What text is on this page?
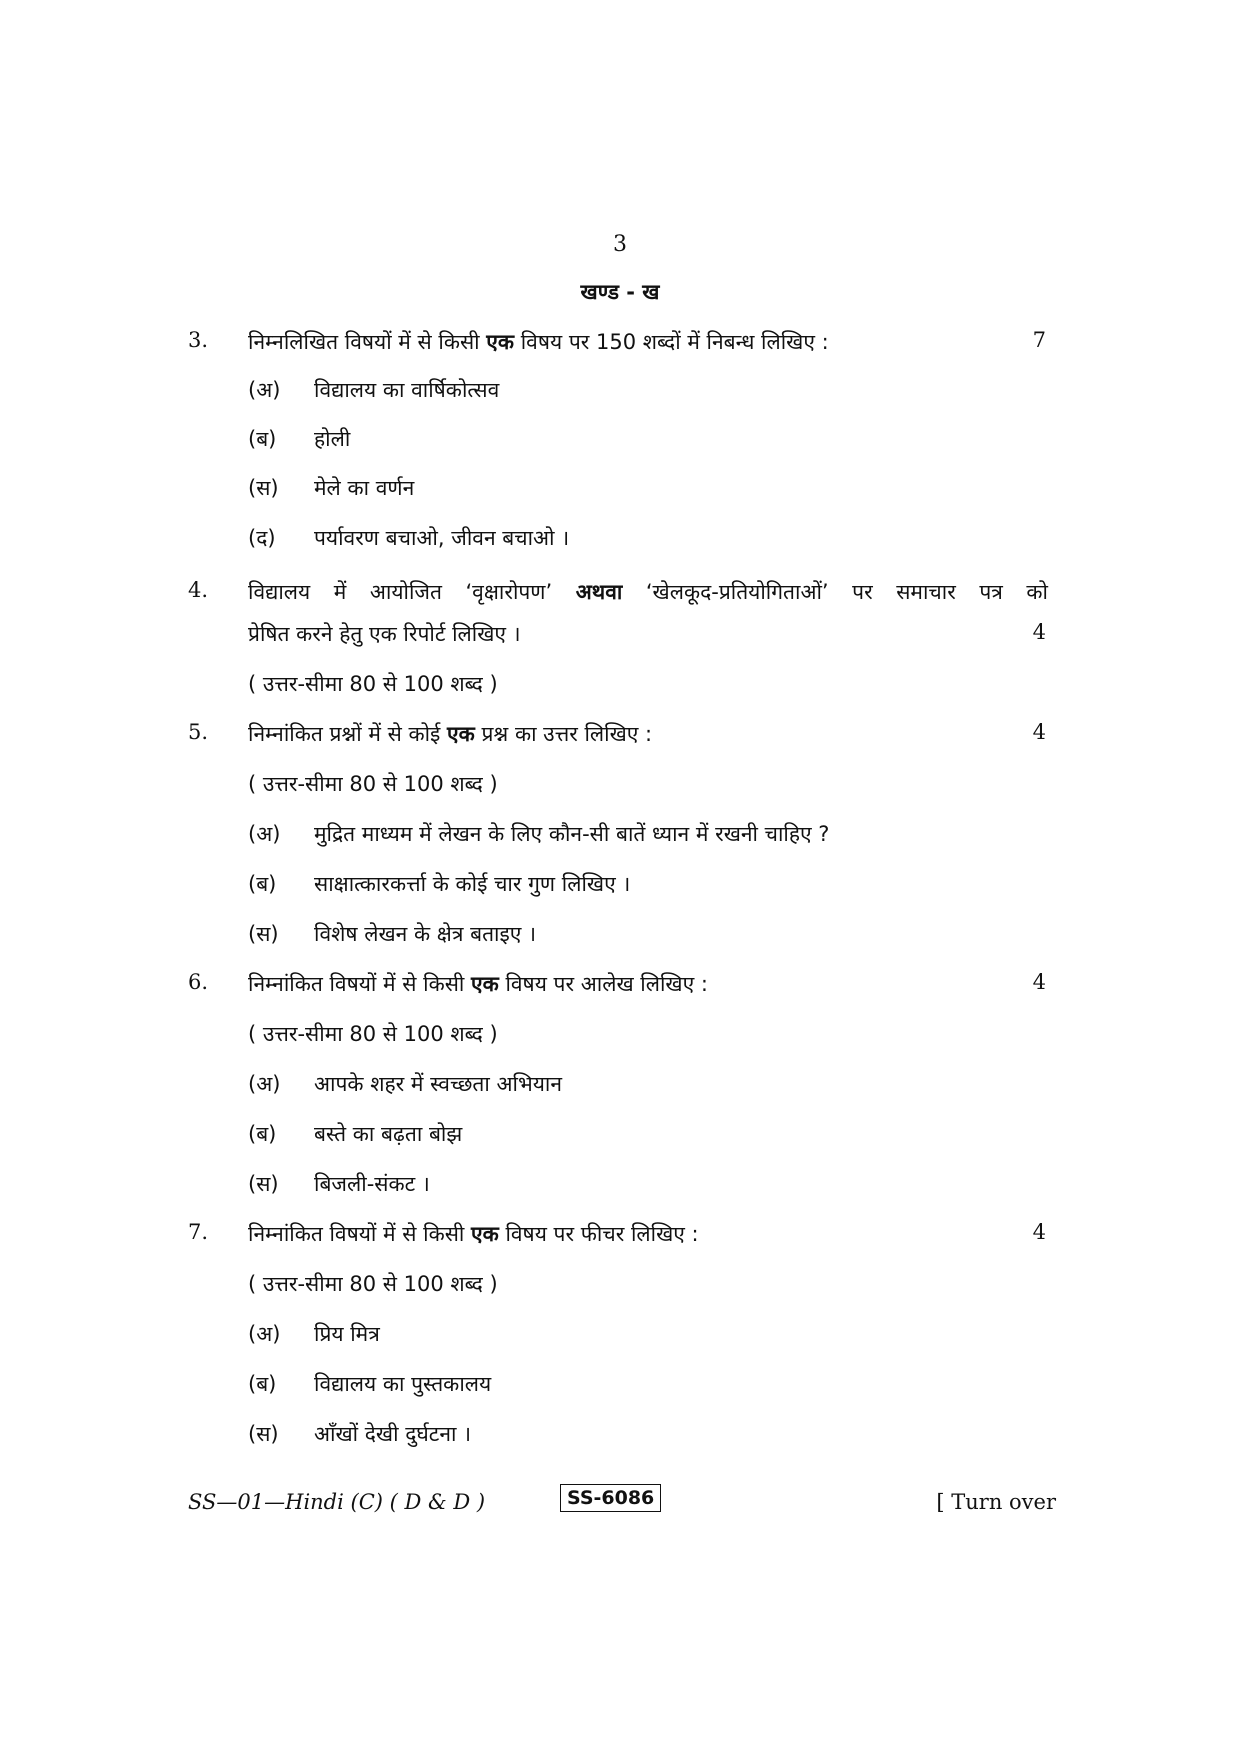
3
खण्ड - ख
3. निम्नलिखित विषयों में से किसी एक विषय पर 150 शब्दों में निबन्ध लिखिए :	7
(अ) विद्यालय का वार्षिकोत्सव
(ब) होली
(स) मेले का वर्णन
(द) पर्यावरण बचाओ, जीवन बचाओ ।
4. विद्यालय में आयोजित ‘वृक्षारोपण’ अथवा ‘खेलकूद-प्रतियोगिताओं’ पर समाचार पत्र को
प्रेषित करने हेतु एक रिपोर्ट लिखिए ।	4
( उत्तर-सीमा 80 से 100 शब्द )
5. निम्नांकित प्रश्नों में से कोई एक प्रश्न का उत्तर लिखिए :	4
( उत्तर-सीमा 80 से 100 शब्द )
(अ) मुद्रित माध्यम में लेखन के लिए कौन-सी बातें ध्यान में रखनी चाहिए ?
(ब) साक्षात्कारकर्त्ता के कोई चार गुण लिखिए ।
(स) विशेष लेखन के क्षेत्र बताइए ।
6. निम्नांकित विषयों में से किसी एक विषय पर आलेख लिखिए :	4
( उत्तर-सीमा 80 से 100 शब्द )
(अ) आपके शहर में स्वच्छता अभियान
(ब) बस्ते का बढ़ता बोझ
(स) बिजली-संकट ।
7. निम्नांकित विषयों में से किसी एक विषय पर फीचर लिखिए :	4
( उत्तर-सीमा 80 से 100 शब्द )
(अ) प्रिय मित्र
(ब) विद्यालय का पुस्तकालय
(स) आँखों देखी दुर्घटना ।
SS—01—Hindi (C) ( D & D )	SS-6086	[ Turn over
